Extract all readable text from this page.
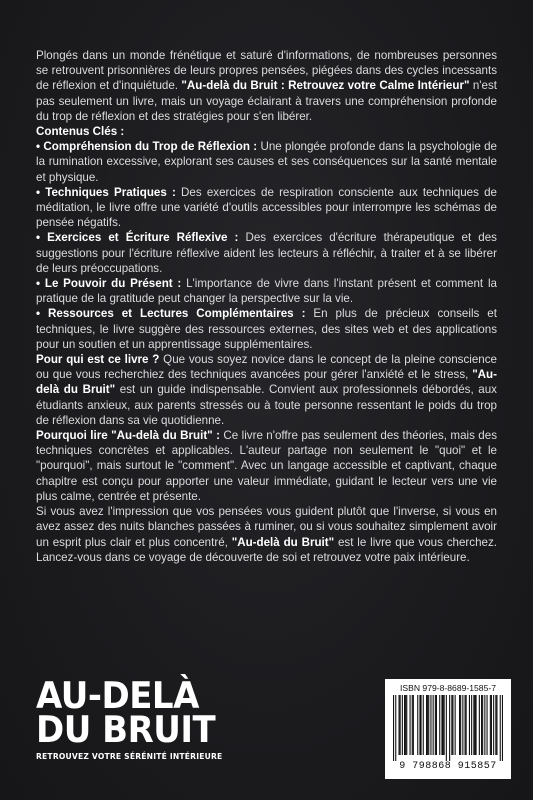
Plongés dans un monde frénétique et saturé d'informations, de nombreuses personnes se retrouvent prisonnières de leurs propres pensées, piégées dans des cycles incessants de réflexion et d'inquiétude. "Au-delà du Bruit : Retrouvez votre Calme Intérieur" n'est pas seulement un livre, mais un voyage éclairant à travers une compréhension profonde du trop de réflexion et des stratégies pour s'en libérer.

Contenus Clés :

• Compréhension du Trop de Réflexion : Une plongée profonde dans la psychologie de la rumination excessive, explorant ses causes et ses conséquences sur la santé mentale et physique.
• Techniques Pratiques : Des exercices de respiration consciente aux techniques de méditation, le livre offre une variété d'outils accessibles pour interrompre les schémas de pensée négatifs.
• Exercices et Écriture Réflexive : Des exercices d'écriture thérapeutique et des suggestions pour l'écriture réflexive aident les lecteurs à réfléchir, à traiter et à se libérer de leurs préoccupations.
• Le Pouvoir du Présent : L'importance de vivre dans l'instant présent et comment la pratique de la gratitude peut changer la perspective sur la vie.
• Ressources et Lectures Complémentaires : En plus de précieux conseils et techniques, le livre suggère des ressources externes, des sites web et des applications pour un soutien et un apprentissage supplémentaires.

Pour qui est ce livre ? Que vous soyez novice dans le concept de la pleine conscience ou que vous recherchiez des techniques avancées pour gérer l'anxiété et le stress, "Au-delà du Bruit" est un guide indispensable. Convient aux professionnels débordés, aux étudiants anxieux, aux parents stressés ou à toute personne ressentant le poids du trop de réflexion dans sa vie quotidienne.

Pourquoi lire "Au-delà du Bruit" : Ce livre n'offre pas seulement des théories, mais des techniques concrètes et applicables. L'auteur partage non seulement le "quoi" et le "pourquoi", mais surtout le "comment". Avec un langage accessible et captivant, chaque chapitre est conçu pour apporter une valeur immédiate, guidant le lecteur vers une vie plus calme, centrée et présente.

Si vous avez l'impression que vos pensées vous guident plutôt que l'inverse, si vous en avez assez des nuits blanches passées à ruminer, ou si vous souhaitez simplement avoir un esprit plus clair et plus concentré, "Au-delà du Bruit" est le livre que vous cherchez. Lancez-vous dans ce voyage de découverte de soi et retrouvez votre paix intérieure.

AU-DELÀ
DU BRUIT
RETROUVEZ VOTRE SÉRÉNITÉ INTÉRIEURE
ISBN 979-8-8689-1585-7
9 798868 915857
